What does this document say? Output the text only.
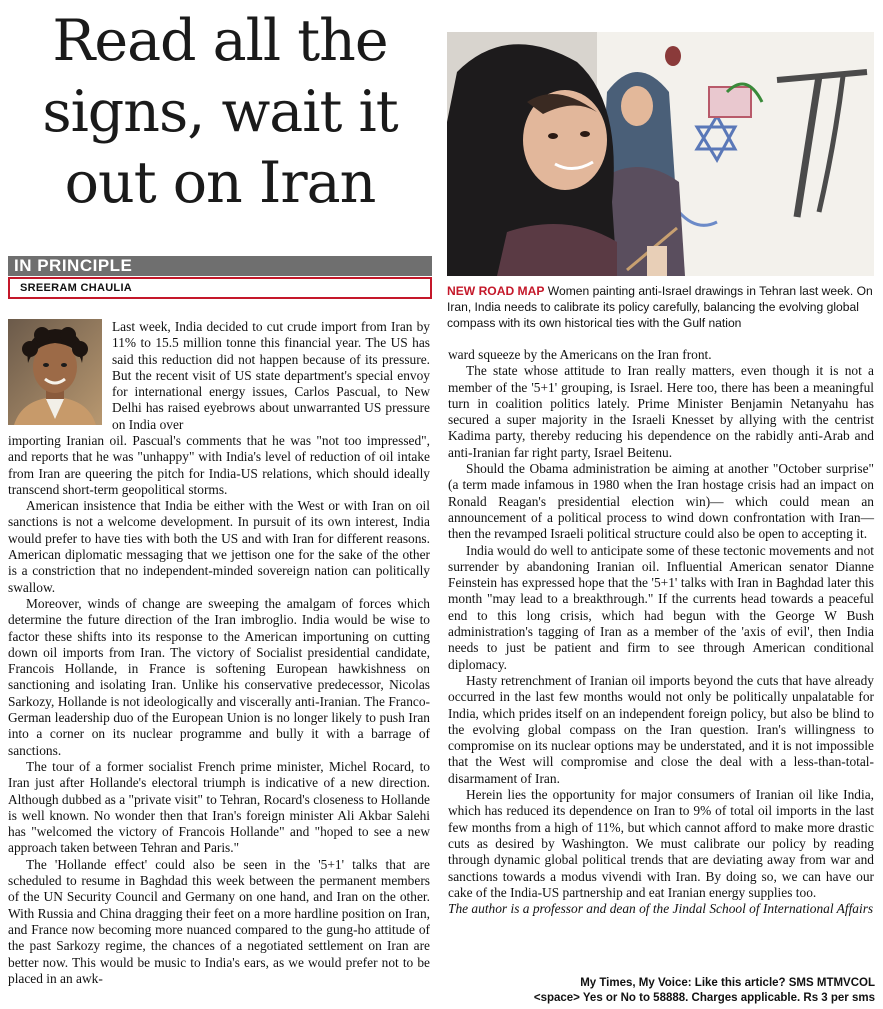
Read all the signs, wait it out on Iran
IN PRINCIPLE
SREERAM CHAULIA

Last week, India decided to cut crude import from Iran by 11% to 15.5 million tonne this financial year. The US has said this reduction did not happen because of its pressure. But the recent visit of US state department's special envoy for international energy issues, Carlos Pascual, to New Delhi has raised eyebrows about unwarranted US pressure on India over

importing Iranian oil. Pascual's comments that he was "not too impressed", and reports that he was "unhappy" with India's level of reduction of oil intake from Iran are queering the pitch for India-US relations, which should ideally transcend short-term geopolitical storms.

American insistence that India be either with the West or with Iran on oil sanctions is not a welcome development. In pursuit of its own interest, India would prefer to have ties with both the US and with Iran for different reasons. American diplomatic messaging that we jettison one for the sake of the other is a constriction that no independent-minded sovereign nation can politically swallow.

Moreover, winds of change are sweeping the amalgam of forces which determine the future direction of the Iran imbroglio. India would be wise to factor these shifts into its response to the American importuning on cutting down oil imports from Iran. The victory of Socialist presidential candidate, Francois Hollande, in France is softening European hawkishness on sanctioning and isolating Iran. Unlike his conservative predecessor, Nicolas Sarkozy, Hollande is not ideologically and viscerally anti-Iranian. The Franco-German leadership duo of the European Union is no longer likely to push Iran into a corner on its nuclear programme and bully it with a barrage of sanctions.

The tour of a former socialist French prime minister, Michel Rocard, to Iran just after Hollande's electoral triumph is indicative of a new direction. Although dubbed as a "private visit" to Tehran, Rocard's closeness to Hollande is well known. No wonder then that Iran's foreign minister Ali Akbar Salehi has "welcomed the victory of Francois Hollande" and "hoped to see a new approach taken between Tehran and Paris."

The 'Hollande effect' could also be seen in the '5+1' talks that are scheduled to resume in Baghdad this week between the permanent members of the UN Security Council and Germany on one hand, and Iran on the other. With Russia and China dragging their feet on a more hardline position on Iran, and France now becoming more nuanced compared to the gung-ho attitude of the past Sarkozy regime, the chances of a negotiated settlement on Iran are better now. This would be music to India's ears, as we would prefer not to be placed in an awk-

NEW ROAD MAP Women painting anti-Israel drawings in Tehran last week. On Iran, India needs to calibrate its policy carefully, balancing the evolving global compass with its own historical ties with the Gulf nation

ward squeeze by the Americans on the Iran front.

The state whose attitude to Iran really matters, even though it is not a member of the '5+1' grouping, is Israel. Here too, there has been a meaningful turn in coalition politics lately. Prime Minister Benjamin Netanyahu has secured a super majority in the Israeli Knesset by allying with the centrist Kadima party, thereby reducing his dependence on the rabidly anti-Arab and anti-Iranian far right party, Israel Beitenu.

Should the Obama administration be aiming at another "October surprise" (a term made infamous in 1980 when the Iran hostage crisis had an impact on Ronald Reagan's presidential election win)— which could mean an announcement of a political process to wind down confrontation with Iran— then the revamped Israeli political structure could also be open to accepting it.

India would do well to anticipate some of these tectonic movements and not surrender by abandoning Iranian oil. Influential American senator Dianne Feinstein has expressed hope that the '5+1' talks with Iran in Baghdad later this month "may lead to a breakthrough." If the currents head towards a peaceful end to this long crisis, which had begun with the George W Bush administration's tagging of Iran as a member of the 'axis of evil', then India needs to just be patient and firm to see through American conditional diplomacy.

Hasty retrenchment of Iranian oil imports beyond the cuts that have already occurred in the last few months would not only be politically unpalatable for India, which prides itself on an independent foreign policy, but also be blind to the evolving global compass on the Iran question. Iran's willingness to compromise on its nuclear options may be understated, and it is not impossible that the West will compromise and close the deal with a less-than-total-disarmament of Iran.

Herein lies the opportunity for major consumers of Iranian oil like India, which has reduced its dependence on Iran to 9% of total oil imports in the last few months from a high of 11%, but which cannot afford to make more drastic cuts as desired by Washington. We must calibrate our policy by reading through dynamic global political trends that are deviating away from war and sanctions towards a modus vivendi with Iran. By doing so, we can have our cake of the India-US partnership and eat Iranian energy supplies too.

The author is a professor and dean of the Jindal School of International Affairs

My Times, My Voice: Like this article? SMS MTMVCOL
<space> Yes or No to 58888. Charges applicable. Rs 3 per sms
